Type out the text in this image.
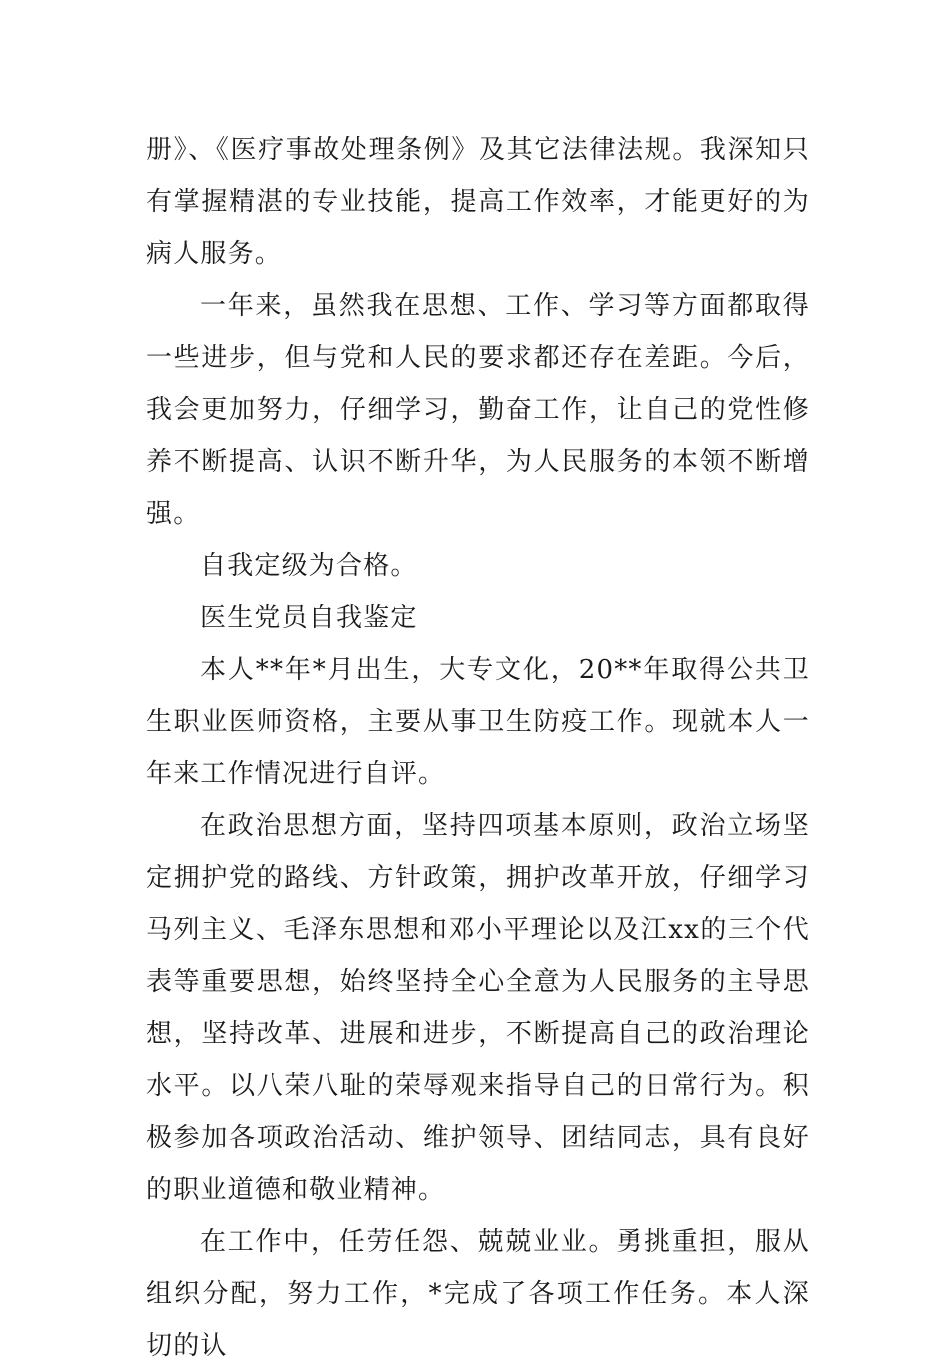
册》、《医疗事故处理条例》及其它法律法规。我深知只有掌握精湛的专业技能，提高工作效率，才能更好的为病人服务。

一年来，虽然我在思想、工作、学习等方面都取得一些进步，但与党和人民的要求都还存在差距。今后，我会更加努力，仔细学习，勤奋工作，让自己的党性修养不断提高、认识不断升华，为人民服务的本领不断增强。

自我定级为合格。

医生党员自我鉴定

本人**年*月出生，大专文化，20**年取得公共卫生职业医师资格，主要从事卫生防疫工作。现就本人一年来工作情况进行自评。

在政治思想方面，坚持四项基本原则，政治立场坚定拥护党的路线、方针政策，拥护改革开放，仔细学习马列主义、毛泽东思想和邓小平理论以及江xx的三个代表等重要思想，始终坚持全心全意为人民服务的主导思想，坚持改革、进展和进步，不断提高自己的政治理论水平。以八荣八耻的荣辱观来指导自己的日常行为。积极参加各项政治活动、维护领导、团结同志，具有良好的职业道德和敬业精神。

在工作中，任劳任怨、兢兢业业。勇挑重担，服从组织分配，努力工作，*完成了各项工作任务。本人深切的认
